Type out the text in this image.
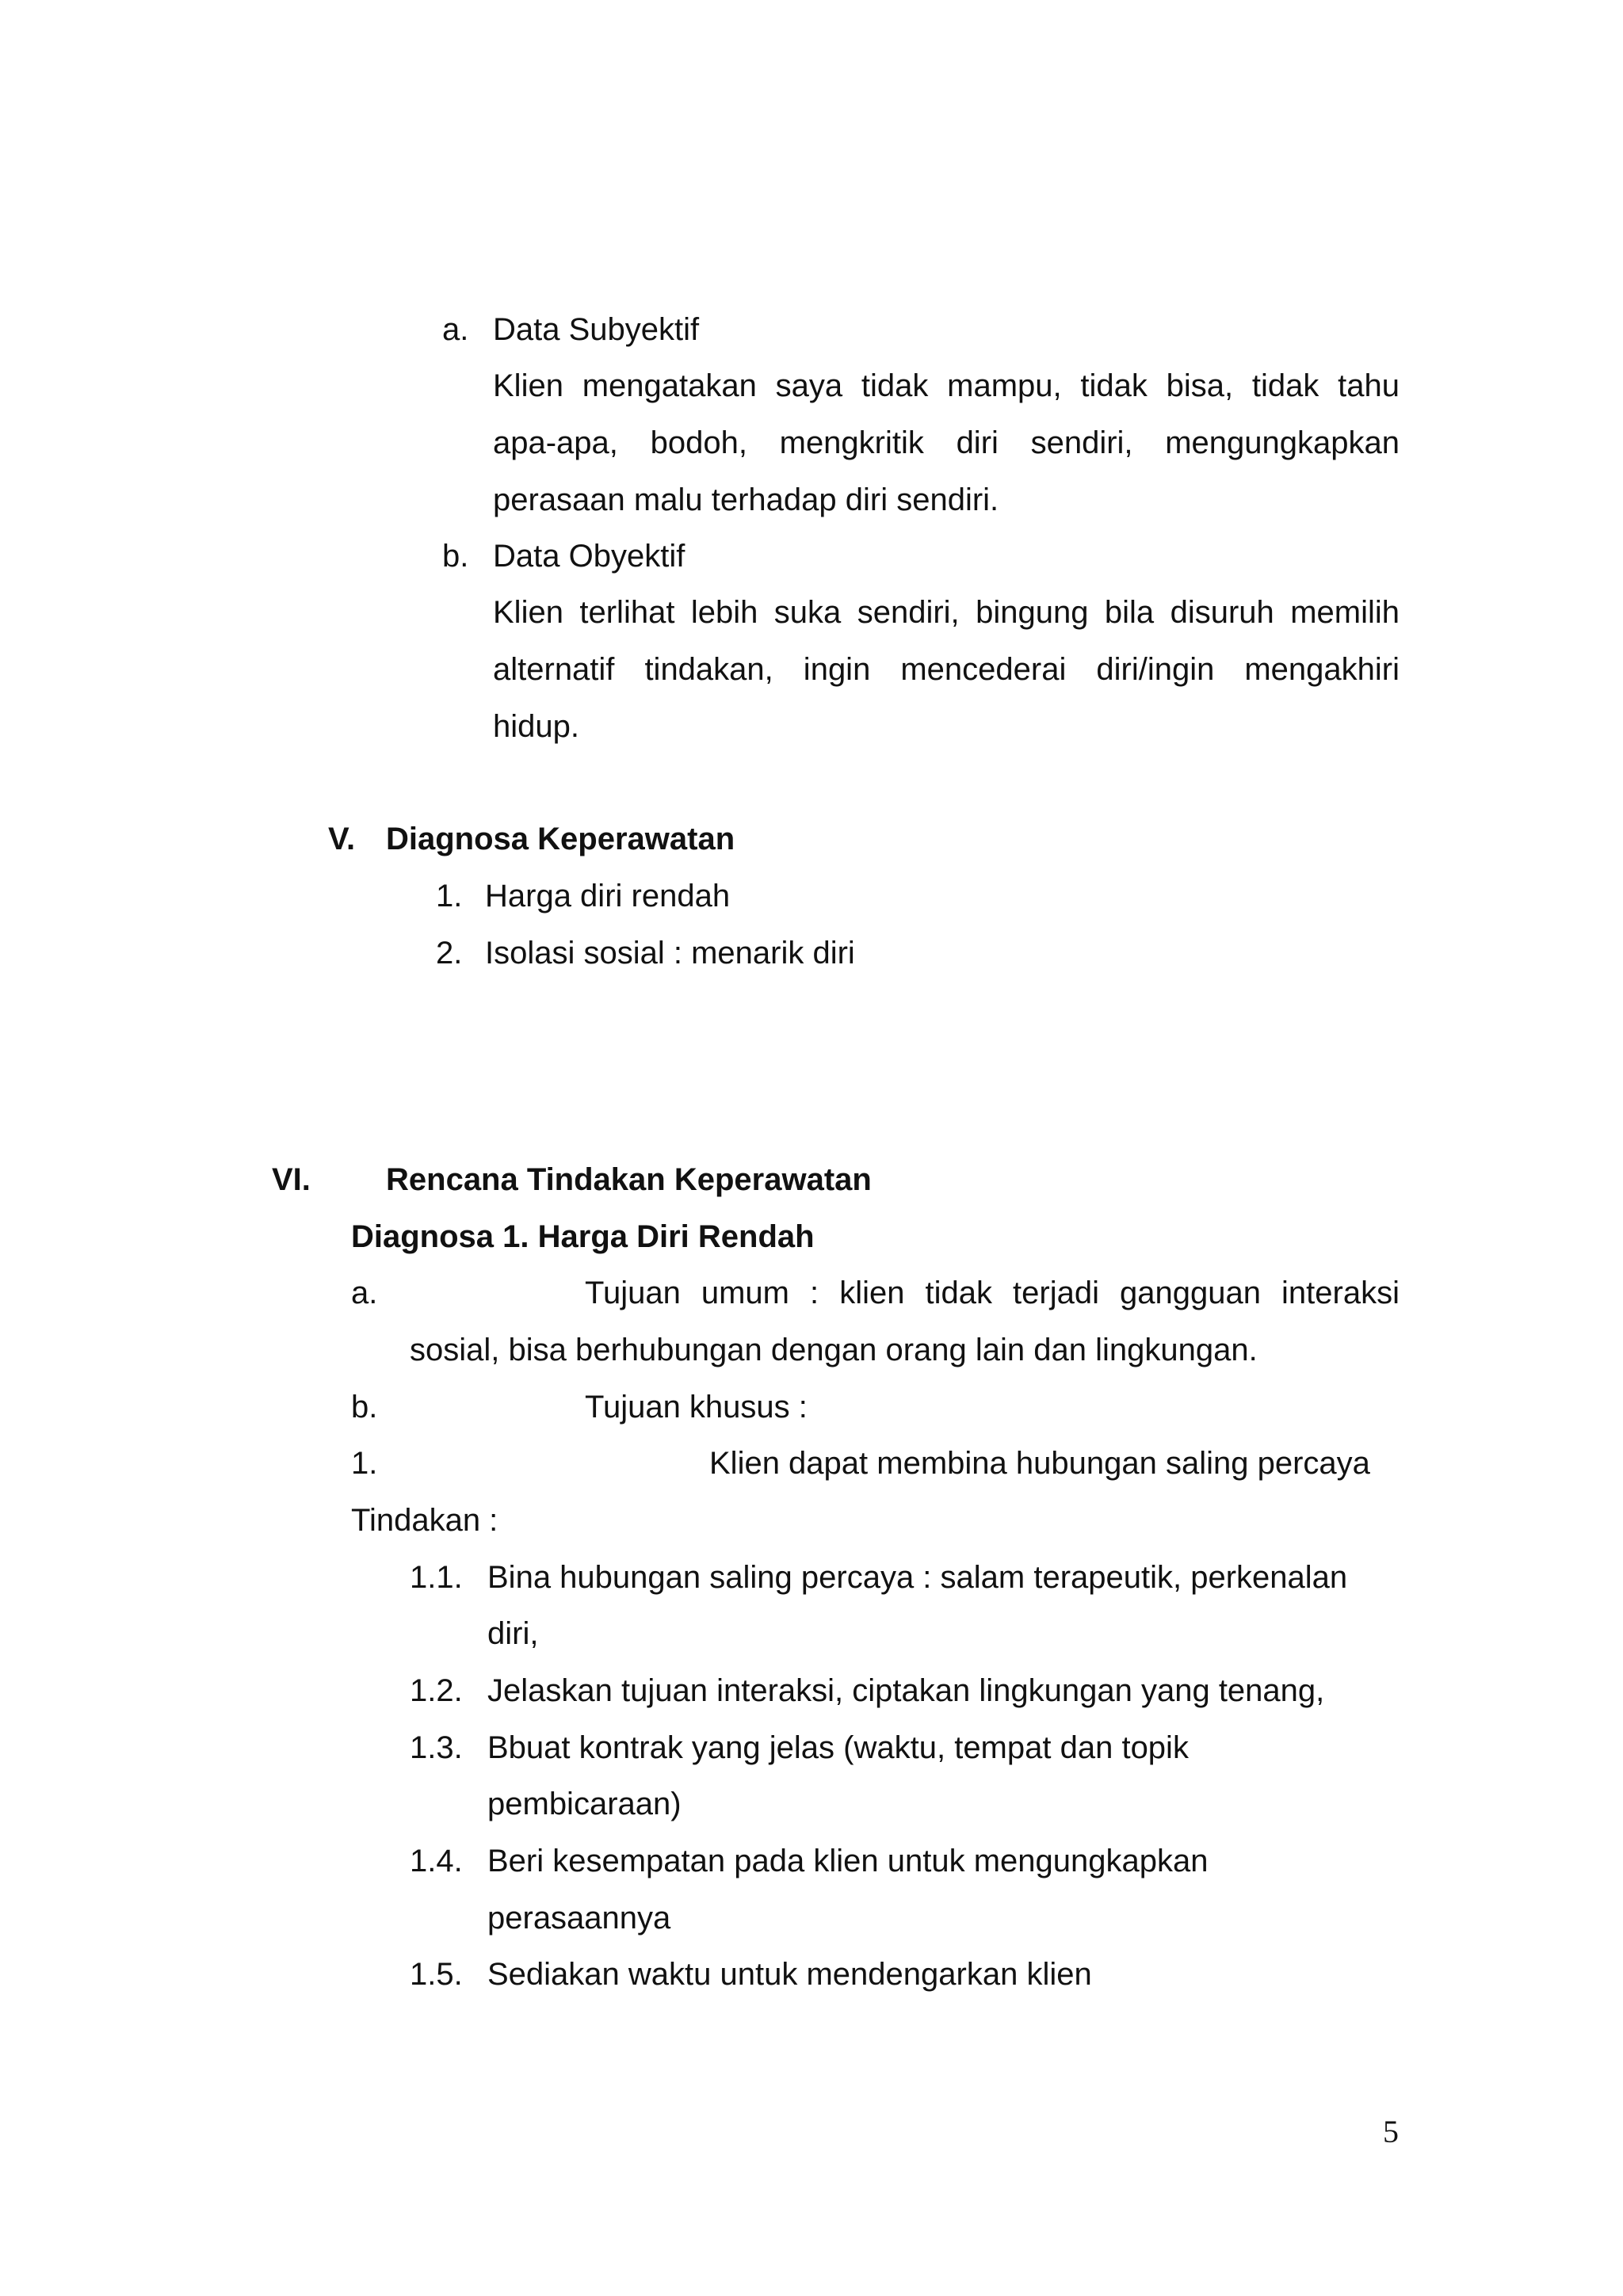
a. Data Subyektif
Klien mengatakan saya tidak mampu, tidak bisa, tidak tahu
apa-apa, bodoh, mengkritik diri sendiri, mengungkapkan
perasaan malu terhadap diri sendiri.
b. Data Obyektif
Klien terlihat lebih suka sendiri, bingung bila disuruh memilih
alternatif tindakan, ingin mencederai diri/ingin mengakhiri
hidup.
V. Diagnosa Keperawatan
1. Harga diri rendah
2. Isolasi sosial : menarik diri
VI. Rencana Tindakan Keperawatan
Diagnosa 1. Harga Diri Rendah
a.	Tujuan umum : klien tidak terjadi gangguan interaksi
sosial, bisa berhubungan dengan orang lain dan lingkungan.
b.	Tujuan khusus :
1.	Klien dapat membina hubungan saling percaya
Tindakan :
1.1. Bina hubungan saling percaya : salam terapeutik, perkenalan
diri,
1.2. Jelaskan tujuan interaksi, ciptakan lingkungan yang tenang,
1.3. Bbuat kontrak yang jelas (waktu, tempat dan topik
pembicaraan)
1.4. Beri kesempatan pada klien untuk mengungkapkan
perasaannya
1.5. Sediakan waktu untuk mendengarkan klien
5
